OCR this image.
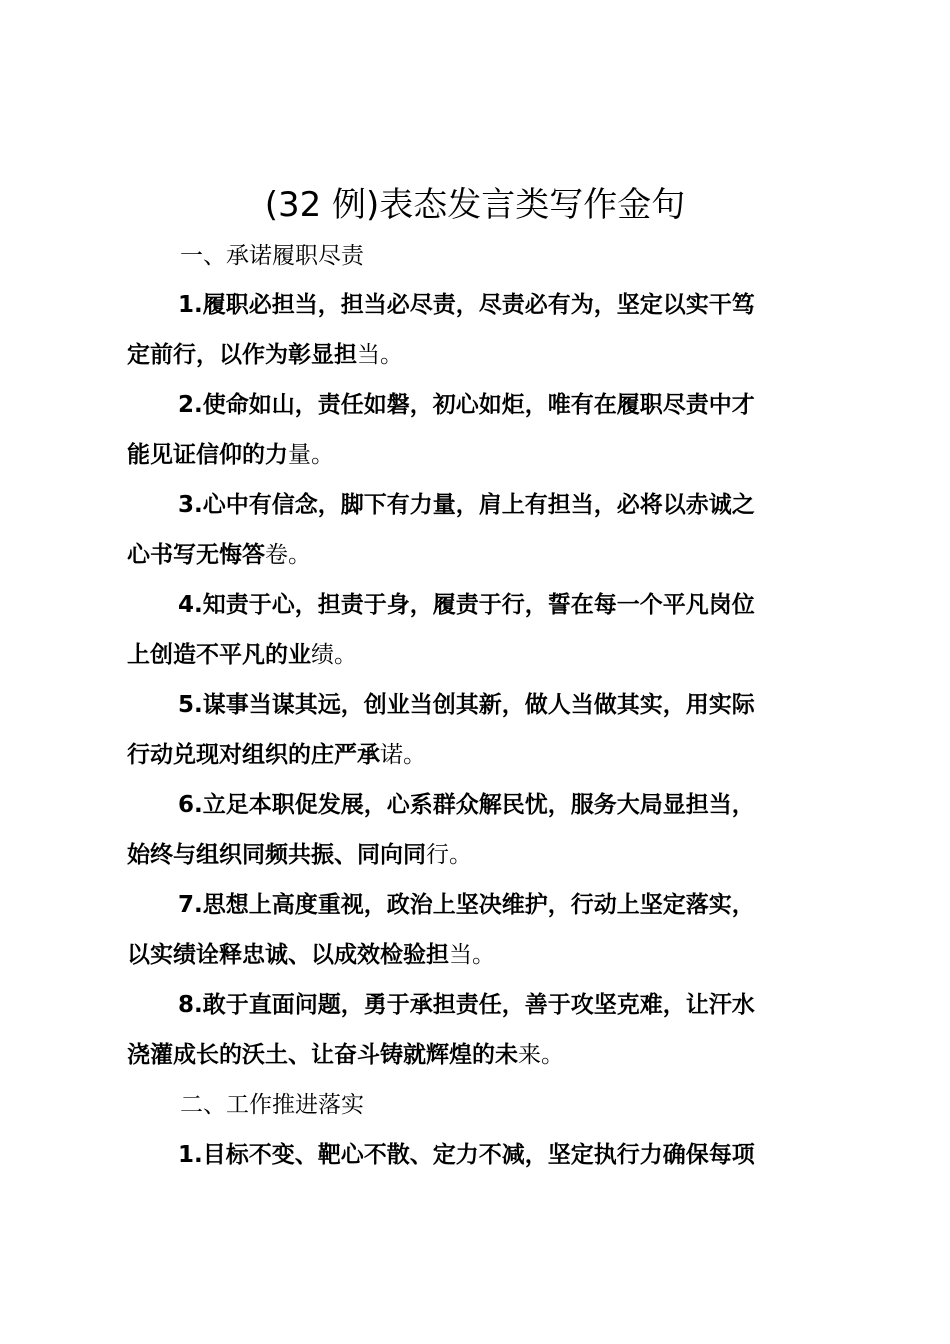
(32 例)表态发言类写作金句
一、承诺履职尽责
1.履职必担当，担当必尽责，尽责必有为，坚定以实干笃
定前行，以作为彰显担当。
2.使命如山，责任如磐，初心如炬，唯有在履职尽责中才
能见证信仰的力量。
3.心中有信念，脚下有力量，肩上有担当，必将以赤诚之
心书写无悔答卷。
4.知责于心，担责于身，履责于行，誓在每一个平凡岗位
上创造不平凡的业绩。
5.谋事当谋其远，创业当创其新，做人当做其实，用实际
行动兑现对组织的庄严承诺。
6.立足本职促发展，心系群众解民忧，服务大局显担当，
始终与组织同频共振、同向同行。
7.思想上高度重视，政治上坚决维护，行动上坚定落实，
以实绩诠释忠诚、以成效检验担当。
8.敢于直面问题，勇于承担责任，善于攻坚克难，让汗水
浇灌成长的沃土、让奋斗铸就辉煌的未来。
二、工作推进落实
1.目标不变、靶心不散、定力不减，坚定执行力确保每项
